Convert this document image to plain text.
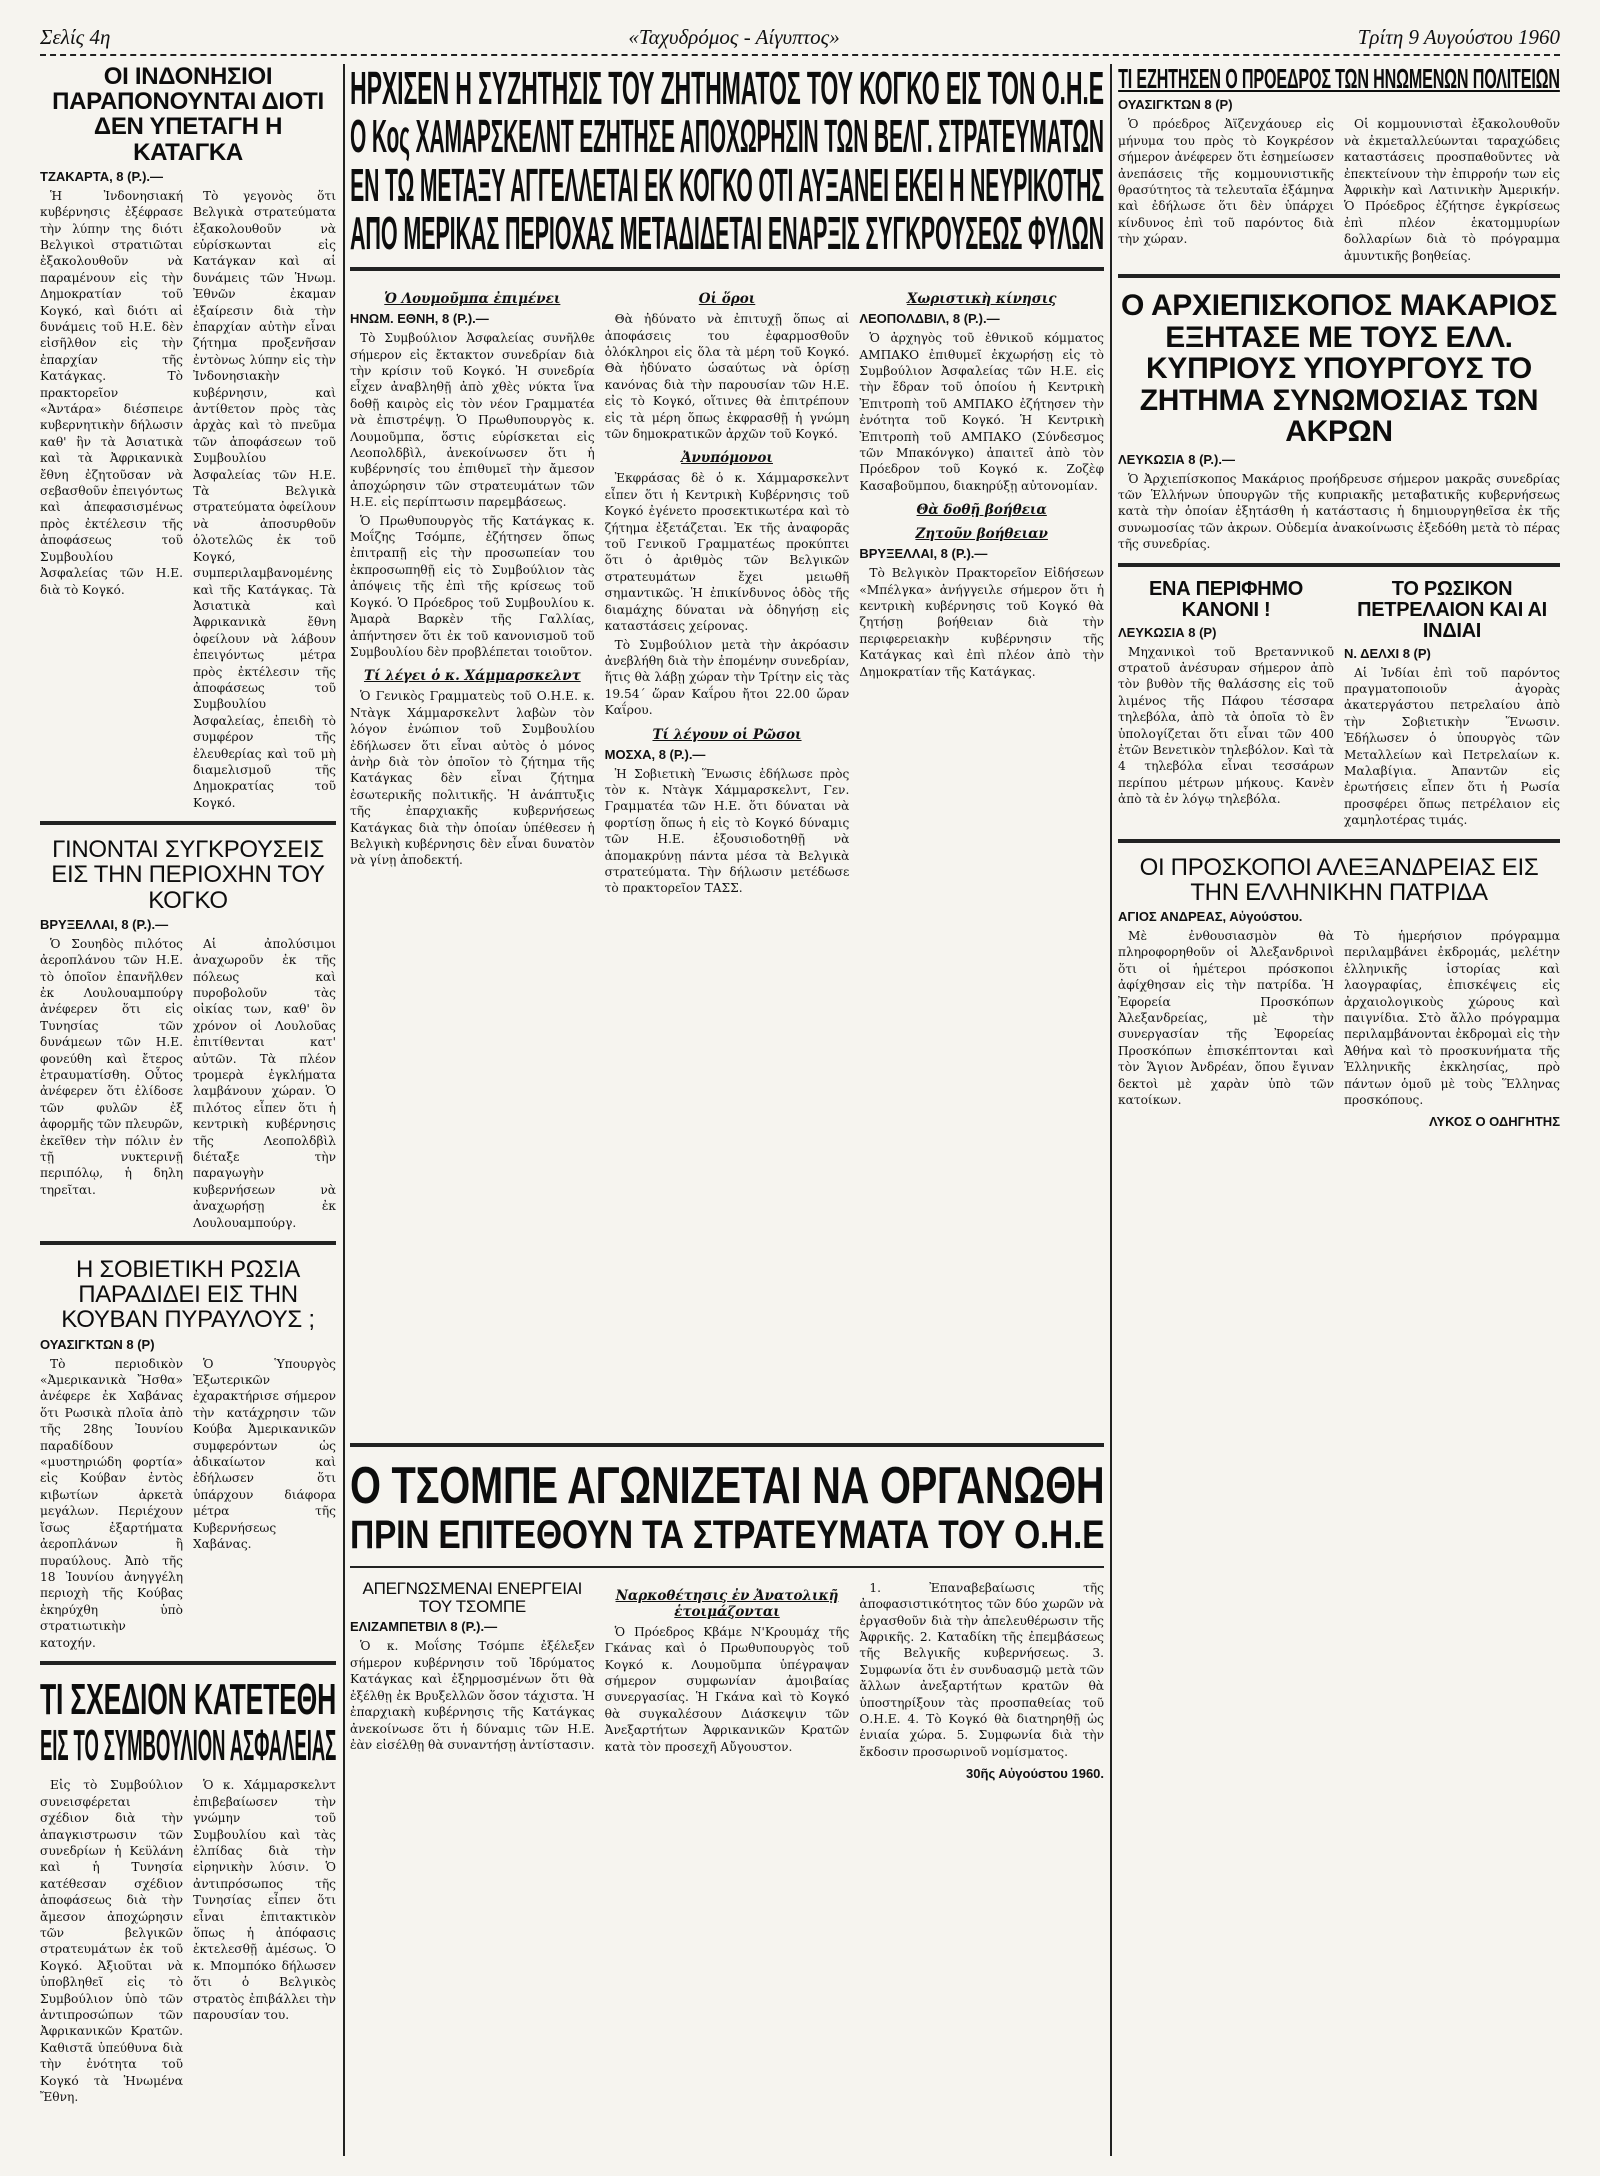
Σελίς 4η	«Ταχυδρόμος - Αίγυπτος»	Τρίτη 9 Αυγούστου 1960
ΟΙ ΙΝΔΟΝΗΣΙΟΙ ΠΑΡΑΠΟΝΟΥΝΤΑΙ ΔΙΟΤΙ ΔΕΝ ΥΠΕΤΑΓΗ Η ΚΑΤΑΓΚΑ
ΤΖΑΚΑΡΤΑ, 8 (Ρ.).—

Ἡ Ἰνδονησιακή κυβέρνησις ἐξέφρασε τὴν λύπην της διότι Βελγικοὶ στρατιῶται ἐξακολουθοῦν νὰ παραμένουν εἰς τὴν Δημοκρατίαν τοῦ Κογκό, καὶ διότι αἱ δυνάμεις τοῦ Η.Ε. δὲν εἰσῆλθον εἰς τὴν ἐπαρχίαν τῆς Κατάγκας. Τὸ πρακτορεῖον «Ἀντάρα» διέσπειρε κυβερνητικὴν δήλωσιν καθ' ἣν τὰ Ἀσιατικὰ καὶ τὰ Ἀφρικανικὰ ἔθνη ἐζητοῦσαν νὰ σεβασθοῦν ἐπειγόντως καὶ ἀπεφασισμένως πρὸς ἐκτέλεσιν τῆς ἀποφάσεως τοῦ Συμβουλίου Ἀσφαλείας τῶν Η.Ε. διὰ τὸ Κογκό.

Τὸ γεγονὸς ὅτι Βελγικὰ στρατεύματα ἐξακολουθοῦν νὰ εὑρίσκωνται εἰς Κατάγκαν καὶ αἱ δυνάμεις τῶν Ἡνωμ. Ἐθνῶν ἐκαμαν ἐξαίρεσιν διὰ τὴν ἐπαρχίαν αὐτὴν εἶναι ζήτημα προξενῆσαν ἐντὸνως λύπην εἰς τὴν Ἰνδονησιακὴν κυβέρνησιν, καὶ ἀντίθετον πρὸς τὰς ἀρχὰς καὶ τὸ πνεῦμα τῶν ἀποφάσεων τοῦ Συμβουλίου Ἀσφαλείας τῶν Η.Ε. Τὰ Βελγικὰ στρατεύματα ὀφείλουν νὰ ἀποσυρθοῦν ὁλοτελῶς ἐκ τοῦ Κογκό, συμπεριλαμβανομένης καὶ τῆς Κατάγκας. Τὰ Ἀσιατικὰ καὶ Ἀφρικανικὰ ἔθνη ὀφείλουν νὰ λάβουν ἐπειγόντως μέτρα πρὸς ἐκτέλεσιν τῆς ἀποφάσεως τοῦ Συμβουλίου Ἀσφαλείας, ἐπειδὴ τὸ συμφέρον τῆς ἐλευθερίας καὶ τοῦ μὴ διαμελισμοῦ τῆς Δημοκρατίας τοῦ Κογκό.

ΓΙΝΟΝΤΑΙ ΣΥΓΚΡΟΥΣΕΙΣ ΕΙΣ ΤΗΝ ΠΕΡΙΟΧΗΝ ΤΟΥ ΚΟΓΚΟ
ΒΡΥΞΕΛΛΑΙ, 8 (Ρ.).—

Ὁ Σουηδὸς πιλότος ἀεροπλάνου τῶν Η.Ε. τὸ ὁποῖον ἐπανῆλθεν ἐκ Λουλουαμπούργ ἀνέφερεν ὅτι εἰς Τυνησίας τῶν δυνάμεων τῶν Η.Ε. φονεύθη καὶ ἔτερος ἐτραυματίσθη. Οὗτος ἀνέφερεν ὅτι ἐλίδοσε τῶν φυλῶν ἐξ ἀφορμῆς τῶν πλευρῶν, ἐκεῖθεν τὴν πόλιν ἐν τῇ νυκτερινῇ περιπόλῳ, ἡ δηλη τηρεῖται.

Αἱ ἀπολύσιμοι ἀναχωροῦν ἐκ τῆς πόλεως καὶ πυροβολοῦν τὰς οἰκίας των, καθ' ὃν χρόνον οἱ Λουλοῦας ἐπιτίθενται κατ' αὐτῶν. Τὰ πλέον τρομερὰ ἐγκλήματα λαμβάνουν χώραν. Ὁ πιλότος εἶπεν ὅτι ἡ κεντρικὴ κυβέρνησις τῆς Λεοπολδβὶλ διέταξε τὴν παραγωγὴν κυβερνήσεων νὰ ἀναχωρήσῃ ἐκ Λουλουαμπούργ.

Η ΣΟΒΙΕΤΙΚΗ ΡΩΣΙΑ ΠΑΡΑΔΙΔΕΙ ΕΙΣ ΤΗΝ ΚΟΥΒΑΝ ΠΥΡΑΥΛΟΥΣ ;
ΟΥΑΣΙΓΚΤΩΝ 8 (Ρ)

Τὸ περιοδικὸν «Ἀμερικανικὰ Ἤσθα» ἀνέφερε ἐκ Χαβάνας ὅτι Ρωσικὰ πλοῖα ἀπὸ τῆς 28ης Ἰουνίου παραδίδουν «μυστηριώδη φορτία» εἰς Κούβαν ἐντὸς κιβωτίων ἀρκετὰ μεγάλων. Περιέχουν ἴσως ἐξαρτήματα ἀεροπλάνων ἢ πυραύλους. Ἀπὸ τῆς 18 Ἰουνίου ἀνηγγέλη περιοχὴ τῆς Κούβας ἐκηρύχθη ὑπὸ στρατιωτικὴν κατοχήν.

Ὁ Ὑπουργὸς Ἐξωτερικῶν ἐχαρακτήρισε σήμερον τὴν κατάχρησιν τῶν Κούβα Ἀμερικανικῶν συμφερόντων ὡς ἀδικαίωτον καὶ ἐδήλωσεν ὅτι ὑπάρχουν διάφορα μέτρα τῆς Κυβερνήσεως Χαβάνας.

ΤΙ ΣΧΕΔΙΟΝ ΚΑΤΕΤΕΘΗ
ΕΙΣ ΤΟ ΣΥΜΒΟΥΛΙΟΝ ΑΣΦΑΛΕΙΑΣ

Εἰς τὸ Συμβούλιον συνεισφέρεται σχέδιον διὰ τὴν ἀπαγκιστρωσιν τῶν συνεδρίων ἡ Κεϋλάνη καὶ ἡ Τυνησία κατέθεσαν σχέδιον ἀποφάσεως διὰ τὴν ἄμεσον ἀποχώρησιν τῶν βελγικῶν στρατευμάτων ἐκ τοῦ Κογκό. Ἀξιοῦται νὰ ὑποβληθεῖ εἰς τὸ Συμβούλιον ὑπὸ τῶν ἀντιπροσώπων τῶν Ἀφρικανικῶν Κρατῶν. Καθιστᾶ ὑπεύθυνα διὰ τὴν ἐνότητα τοῦ Κογκό τὰ Ἡνωμένα Ἔθνη.

Ὁ κ. Χάμμαρσκελντ ἐπιβεβαίωσεν τὴν γνώμην τοῦ Συμβουλίου καὶ τὰς ἐλπίδας διὰ τὴν εἰρηνικὴν λύσιν. Ὁ ἀντιπρόσωπος τῆς Τυνησίας εἶπεν ὅτι εἶναι ἐπιτακτικὸν ὅπως ἡ ἀπόφασις ἐκτελεσθῇ ἀμέσως. Ὁ κ. Μπομπόκο δήλωσεν ὅτι ὁ Βελγικὸς στρατὸς ἐπιβάλλει τὴν παρουσίαν του.

ΗΡΧΙΣΕΝ Η ΣΥΖΗΤΗΣΙΣ ΤΟΥ ΖΗΤΗΜΑΤΟΣ ΤΟΥ ΚΟΓΚΟ ΕΙΣ ΤΟΝ Ο.Η.Ε
Ο Κος ΧΑΜΑΡΣΚΕΛΝΤ ΕΖΗΤΗΣΕ ΑΠΟΧΩΡΗΣΙΝ ΤΩΝ ΒΕΛΓ. ΣΤΡΑΤΕΥΜΑΤΩΝ
ΕΝ ΤΩ ΜΕΤΑΞΥ ΑΓΓΕΛΛΕΤΑΙ ΕΚ ΚΟΓΚΟ ΟΤΙ ΑΥΞΑΝΕΙ ΕΚΕΙ Η ΝΕΥΡΙΚΟΤΗΣ
ΑΠΟ ΜΕΡΙΚΑΣ ΠΕΡΙΟΧΑΣ ΜΕΤΑΔΙΔΕΤΑΙ ΕΝΑΡΞΙΣ ΣΥΓΚΡΟΥΣΕΩΣ ΦΥΛΩΝ
Ὁ Λουμοῦμπα ἐπιμένει
ΗΝΩΜ. ΕΘΝΗ, 8 (Ρ.).—

Τὸ Συμβούλιον Ἀσφαλείας συνῆλθε σήμερον εἰς ἔκτακτον συνεδρίαν διὰ τὴν κρίσιν τοῦ Κογκό. Ἡ συνεδρία εἶχεν ἀναβληθῇ ἀπὸ χθὲς νύκτα ἵνα δοθῇ καιρὸς εἰς τὸν νέον Γραμματέα νὰ ἐπιστρέψῃ. Ὁ Πρωθυπουργὸς κ. Λουμοῦμπα, ὅστις εὑρίσκεται εἰς Λεοπολδβὶλ, ἀνεκοίνωσεν ὅτι ἡ κυβέρνησίς του ἐπιθυμεῖ τὴν ἄμεσον ἀποχώρησιν τῶν στρατευμάτων τῶν Η.Ε. εἰς περίπτωσιν παρεμβάσεως.

Ὁ Πρωθυπουργὸς τῆς Κατάγκας κ. Μοΐζης Τσόμπε, ἐζήτησεν ὅπως ἐπιτραπῇ εἰς τὴν προσωπείαν του ἐκπροσωπηθῇ εἰς τὸ Συμβούλιον τὰς ἀπόψεις τῆς ἐπὶ τῆς κρίσεως τοῦ Κογκό. Ὁ Πρόεδρος τοῦ Συμβουλίου κ. Ἀμαρὰ Βαρκὲν τῆς Γαλλίας, ἀπήντησεν ὅτι ἐκ τοῦ κανονισμοῦ τοῦ Συμβουλίου δὲν προβλέπεται τοιοῦτον.

Τί λέγει ὁ κ. Χάμμαρσκελντ

Ὁ Γενικὸς Γραμματεὺς τοῦ Ο.Η.Ε. κ. Ντὰγκ Χάμμαρσκελντ λαβὼν τὸν λόγον ἐνώπιον τοῦ Συμβουλίου ἐδήλωσεν ὅτι εἶναι αὐτὸς ὁ μόνος ἀνὴρ διὰ τὸν ὁποῖον τὸ ζήτημα τῆς Κατάγκας δὲν εἶναι ζήτημα ἐσωτερικῆς πολιτικῆς. Ἡ ἀνάπτυξις τῆς ἐπαρχιακῆς κυβερνήσεως Κατάγκας διὰ τὴν ὁποίαν ὑπέθεσεν ἡ Βελγικὴ κυβέρνησις δὲν εἶναι δυνατὸν νὰ γίνῃ ἀποδεκτή.

Οἱ ὅροι

Θὰ ἠδύνατο νὰ ἐπιτυχῇ ὅπως αἱ ἀποφάσεις του ἐφαρμοσθοῦν ὁλόκληροι εἰς ὅλα τὰ μέρη τοῦ Κογκό. Θὰ ἠδύνατο ὡσαύτως νὰ ὁρίσῃ κανόνας διὰ τὴν παρουσίαν τῶν Η.Ε. εἰς τὸ Κογκό, οἵτινες θὰ ἐπιτρέπουν εἰς τὰ μέρη ὅπως ἐκφρασθῇ ἡ γνώμη τῶν δημοκρατικῶν ἀρχῶν τοῦ Κογκό.

Ἀνυπόμονοι

Ἐκφράσας δὲ ὁ κ. Χάμμαρσκελντ εἶπεν ὅτι ἡ Κεντρικὴ Κυβέρνησις τοῦ Κογκό ἐγένετο προσεκτικωτέρα καὶ τὸ ζήτημα ἐξετάζεται. Ἐκ τῆς ἀναφορᾶς τοῦ Γενικοῦ Γραμματέως προκύπτει ὅτι ὁ ἀριθμὸς τῶν Βελγικῶν στρατευμάτων ἔχει μειωθῆ σημαντικῶς. Ἡ ἐπικίνδυνος ὁδὸς τῆς διαμάχης δύναται νὰ ὁδηγήσῃ εἰς καταστάσεις χείρονας.

Τὸ Συμβούλιον μετὰ τὴν ἀκρόασιν ἀνεβλήθη διὰ τὴν ἐπομένην συνεδρίαν, ἥτις θὰ λάβῃ χώραν τὴν Τρίτην εἰς τὰς 19.54΄ ὥραν Καΐρου ἤτοι 22.00 ὥραν Καΐρου.

Τί λέγουν οἱ Ρῶσοι
ΜΟΣΧΑ, 8 (Ρ.).—

Ἡ Σοβιετικὴ Ἕνωσις ἐδήλωσε πρὸς τὸν κ. Ντὰγκ Χάμμαρσκελντ, Γεν. Γραμματέα τῶν Η.Ε. ὅτι δύναται νὰ φορτίσῃ ὅπως ἡ εἰς τὸ Κογκό δύναμις τῶν Η.Ε. ἐξουσιοδοτηθῇ νὰ ἀπομακρύνῃ πάντα μέσα τὰ Βελγικὰ στρατεύματα. Τὴν δήλωσιν μετέδωσε τὸ πρακτορεῖον ΤΑΣΣ.

Χωριστικὴ κίνησις
ΛΕΟΠΟΛΔΒΙΛ, 8 (Ρ.).—

Ὁ ἀρχηγὸς τοῦ ἐθνικοῦ κόμματος ΑΜΠΑΚΟ ἐπιθυμεῖ ἐκχωρήσῃ εἰς τὸ Συμβούλιον Ἀσφαλείας τῶν Η.Ε. εἰς τὴν ἔδραν τοῦ ὁποίου ἡ Κεντρικὴ Ἐπιτροπὴ τοῦ ΑΜΠΑΚΟ ἐζήτησεν τὴν ἐνότητα τοῦ Κογκό. Ἡ Κεντρικὴ Ἐπιτροπὴ τοῦ ΑΜΠΑΚΟ (Σύνδεσμος τῶν Μπακόνγκο) ἀπαιτεῖ ἀπὸ τὸν Πρόεδρον τοῦ Κογκό κ. Ζοζὲφ Κασαβοῦμπου, διακηρύξῃ αὐτονομίαν.

Θὰ δοθῇ βοήθεια
Ζητοῦν βοήθειαν
ΒΡΥΞΕΛΛΑΙ, 8 (Ρ.).—

Τὸ Βελγικὸν Πρακτορεῖον Εἰδήσεων «Μπέλγκα» ἀνήγγειλε σήμερον ὅτι ἡ κεντρικὴ κυβέρνησις τοῦ Κογκό θὰ ζητήσῃ βοήθειαν διὰ τὴν περιφερειακὴν κυβέρνησιν τῆς Κατάγκας καὶ ἐπὶ πλέον ἀπὸ τὴν Δημοκρατίαν τῆς Κατάγκας.

Ο ΤΣΟΜΠΕ ΑΓΩΝΙΖΕΤΑΙ ΝΑ ΟΡΓΑΝΩΘΗ
ΠΡΙΝ ΕΠΙΤΕΘΟΥΝ ΤΑ ΣΤΡΑΤΕΥΜΑΤΑ ΤΟΥ Ο.Η.Ε
ΑΠΕΓΝΩΣΜΕΝΑΙ ΕΝΕΡΓΕΙΑΙ ΤΟΥ ΤΣΟΜΠΕ
ΕΛΙΖΑΜΠΕΤΒΙΛ 8 (Ρ.).—

Ὁ κ. Μοΐσης Τσόμπε ἐξέλεξεν σήμερον κυβέρνησιν τοῦ Ἱδρύματος Κατάγκας καὶ ἐξηρμοσμένων ὅτι θὰ ἐξέλθῃ ἐκ Βρυξελλῶν ὅσον τάχιστα. Ἡ ἐπαρχιακὴ κυβέρνησις τῆς Κατάγκας ἀνεκοίνωσε ὅτι ἡ δύναμις τῶν Η.Ε. ἐὰν εἰσέλθῃ θὰ συναντήσῃ ἀντίστασιν.

Ναρκοθέτησις ἐν Ἀνατολικῇ ἑτοιμάζονται

Ὁ Πρόεδρος Κβάμε Ν'Κρουμάχ τῆς Γκάνας καὶ ὁ Πρωθυπουργὸς τοῦ Κογκό κ. Λουμοῦμπα ὑπέγραψαν σήμερον συμφωνίαν ἀμοιβαίας συνεργασίας. Ἡ Γκάνα καὶ τὸ Κογκό θὰ συγκαλέσουν Διάσκεψιν τῶν Ἀνεξαρτήτων Ἀφρικανικῶν Κρατῶν κατὰ τὸν προσεχῆ Αὔγουστον.

1. Ἐπαναβεβαίωσις τῆς ἀποφασιστικότητος τῶν δύο χωρῶν νὰ ἐργασθοῦν διὰ τὴν ἀπελευθέρωσιν τῆς Ἀφρικῆς. 2. Καταδίκη τῆς ἐπεμβάσεως τῆς Βελγικῆς κυβερνήσεως. 3. Συμφωνία ὅτι ἐν συνδυασμῷ μετὰ τῶν ἄλλων ἀνεξαρτήτων κρατῶν θὰ ὑποστηρίξουν τὰς προσπαθείας τοῦ Ο.Η.Ε. 4. Τὸ Κογκό θὰ διατηρηθῇ ὡς ἑνιαία χώρα. 5. Συμφωνία διὰ τὴν ἔκδοσιν προσωρινοῦ νομίσματος.

30ῆς Αὐγούστου 1960.
ΤΙ ΕΖΗΤΗΣΕΝ Ο ΠΡΟΕΔΡΟΣ ΤΩΝ ΗΝΩΜΕΝΩΝ ΠΟΛΙΤΕΙΩΝ
ΟΥΑΣΙΓΚΤΩΝ 8 (Ρ)

Ὁ πρόεδρος Ἀϊζενχάουερ εἰς μήνυμα του πρὸς τὸ Κογκρέσον σήμερον ἀνέφερεν ὅτι ἐσημείωσεν ἀνεπάσεις τῆς κομμουνιστικῆς θρασύτητος τὰ τελευταῖα ἐξάμηνα καὶ ἐδήλωσε ὅτι δὲν ὑπάρχει κίνδυνος ἐπὶ τοῦ παρόντος διὰ τὴν χώραν.

Οἱ κομμουνισταὶ ἐξακολουθοῦν νὰ ἐκμεταλλεύωνται ταραχώδεις καταστάσεις προσπαθοῦντες νὰ ἐπεκτείνουν τὴν ἐπιρροήν των εἰς Ἀφρικὴν καὶ Λατινικὴν Ἀμερικήν. Ὁ Πρόεδρος ἐζήτησε ἐγκρίσεως ἐπὶ πλέον ἑκατομμυρίων δολλαρίων διὰ τὸ πρόγραμμα ἀμυντικῆς βοηθείας.

Ο ΑΡΧΙΕΠΙΣΚΟΠΟΣ ΜΑΚΑΡΙΟΣ ΕΞΗΤΑΣΕ ΜΕ ΤΟΥΣ ΕΛΛ. ΚΥΠΡΙΟΥΣ ΥΠΟΥΡΓΟΥΣ ΤΟ ΖΗΤΗΜΑ ΣΥΝΩΜΟΣΙΑΣ ΤΩΝ ΑΚΡΩΝ
ΛΕΥΚΩΣΙΑ 8 (Ρ.).—

Ὁ Ἀρχιεπίσκοπος Μακάριος προήδρευσε σήμερον μακρᾶς συνεδρίας τῶν Ἑλλήνων ὑπουργῶν τῆς κυπριακῆς μεταβατικῆς κυβερνήσεως κατὰ τὴν ὁποίαν ἐξητάσθη ἡ κατάστασις ἡ δημιουργηθεῖσα ἐκ τῆς συνωμοσίας τῶν ἀκρων. Οὐδεμία ἀνακοίνωσις ἐξεδόθη μετὰ τὸ πέρας τῆς συνεδρίας.

ΕΝΑ ΠΕΡΙΦΗΜΟ ΚΑΝΟΝΙ !
ΛΕΥΚΩΣΙΑ 8 (Ρ)

Μηχανικοὶ τοῦ Βρεταννικοῦ στρατοῦ ἀνέσυραν σήμερον ἀπὸ τὸν βυθὸν τῆς θαλάσσης εἰς τοῦ λιμένος τῆς Πάφου τέσσαρα τηλεβόλα, ἀπὸ τὰ ὁποῖα τὸ ἓν ὑπολογίζεται ὅτι εἶναι τῶν 400 ἐτῶν Βενετικὸν τηλεβόλον. Καὶ τὰ 4 τηλεβόλα εἶναι τεσσάρων περίπου μέτρων μήκους. Κανὲν ἀπὸ τὰ ἐν λόγῳ τηλεβόλα.

ΤΟ ΡΩΣΙΚΟΝ ΠΕΤΡΕΛΑΙΟΝ ΚΑΙ ΑΙ ΙΝΔΙΑΙ
Ν. ΔΕΛΧΙ 8 (Ρ)

Αἱ Ἰνδίαι ἐπὶ τοῦ παρόντος πραγματοποιοῦν ἀγορὰς ἀκατεργάστου πετρελαίου ἀπὸ τὴν Σοβιετικὴν Ἕνωσιν. Ἐδήλωσεν ὁ ὑπουργὸς τῶν Μεταλλείων καὶ Πετρελαίων κ. Μαλαβίγια. Ἀπαντῶν εἰς ἐρωτήσεις εἶπεν ὅτι ἡ Ρωσία προσφέρει ὅπως πετρέλαιον εἰς χαμηλοτέρας τιμάς.

ΟΙ ΠΡΟΣΚΟΠΟΙ ΑΛΕΞΑΝΔΡΕΙΑΣ ΕΙΣ ΤΗΝ ΕΛΛΗΝΙΚΗΝ ΠΑΤΡΙΔΑ
ΑΓΙΟΣ ΑΝΔΡΕΑΣ, Αὐγούστου.

Μὲ ἐνθουσιασμὸν θὰ πληροφορηθοῦν οἱ Ἀλεξανδρινοὶ ὅτι οἱ ἡμέτεροι πρόσκοποι ἀφίχθησαν εἰς τὴν πατρίδα. Ἡ Ἐφορεία Προσκόπων Ἀλεξανδρείας, μὲ τὴν συνεργασίαν τῆς Ἐφορείας Προσκόπων ἐπισκέπτονται καὶ τὸν Ἅγιον Ἀνδρέαν, ὅπου ἔγιναν δεκτοὶ μὲ χαρὰν ὑπὸ τῶν κατοίκων.

Τὸ ἡμερήσιον πρόγραμμα περιλαμβάνει ἐκδρομάς, μελέτην ἑλληνικῆς ἱστορίας καὶ λαογραφίας, ἐπισκέψεις εἰς ἀρχαιολογικοὺς χώρους καὶ παιγνίδια. Στὸ ἄλλο πρόγραμμα περιλαμβάνονται ἐκδρομαὶ εἰς τὴν Ἀθήνα καὶ τὸ προσκυνήματα τῆς Ἑλληνικῆς ἐκκλησίας, πρὸ πάντων ὁμοῦ μὲ τοὺς Ἕλληνας προσκόπους.

ΛΥΚΟΣ Ο ΟΔΗΓΗΤΗΣ
